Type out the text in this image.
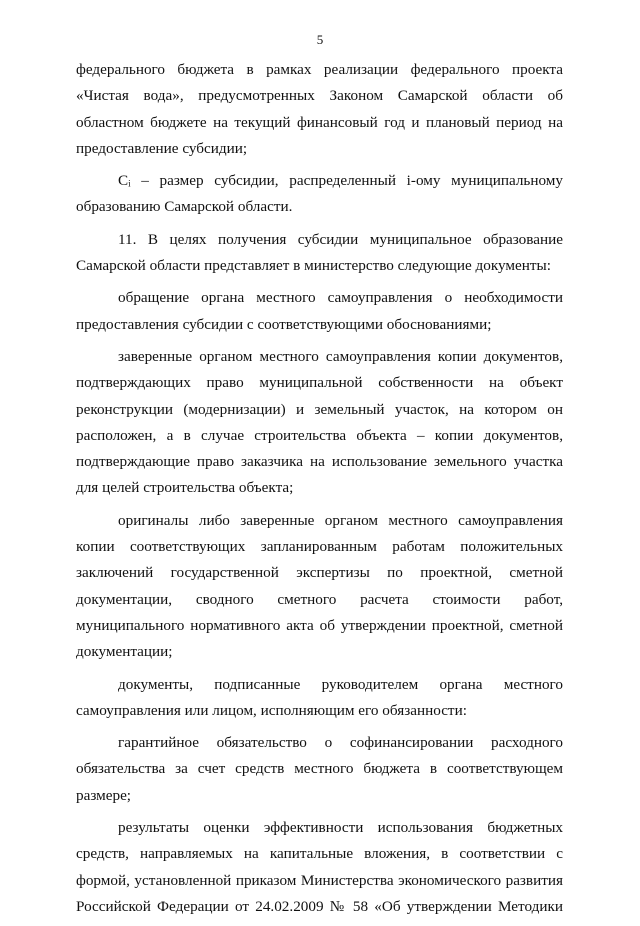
5

федерального бюджета в рамках реализации федерального проекта
«Чистая вода», предусмотренных Законом Самарской области об
областном бюджете на текущий финансовый год и плановый период на
предоставление субсидии;

Cᵢ – размер субсидии, распределенный i-ому муниципальному
образованию Самарской области.

11. В целях получения субсидии муниципальное образование
Самарской области представляет в министерство следующие документы:

обращение органа местного самоуправления о необходимости
предоставления субсидии с соответствующими обоснованиями;

заверенные органом местного самоуправления копии документов,
подтверждающих право муниципальной собственности на объект
реконструкции (модернизации) и земельный участок, на котором он
расположен, а в случае строительства объекта – копии документов,
подтверждающие право заказчика на использование земельного участка
для целей строительства объекта;

оригиналы либо заверенные органом местного самоуправления
копии соответствующих запланированным работам положительных
заключений государственной экспертизы по проектной, сметной
документации, сводного сметного расчета стоимости работ,
муниципального нормативного акта об утверждении проектной, сметной
документации;

документы, подписанные руководителем органа местного
самоуправления или лицом, исполняющим его обязанности:

гарантийное обязательство о софинансировании расходного
обязательства за счет средств местного бюджета в соответствующем
размере;

результаты оценки эффективности использования бюджетных
средств, направляемых на капитальные вложения, в соответствии с
формой, установленной приказом Министерства экономического развития
Российской Федерации от 24.02.2009 № 58 «Об утверждении Методики
